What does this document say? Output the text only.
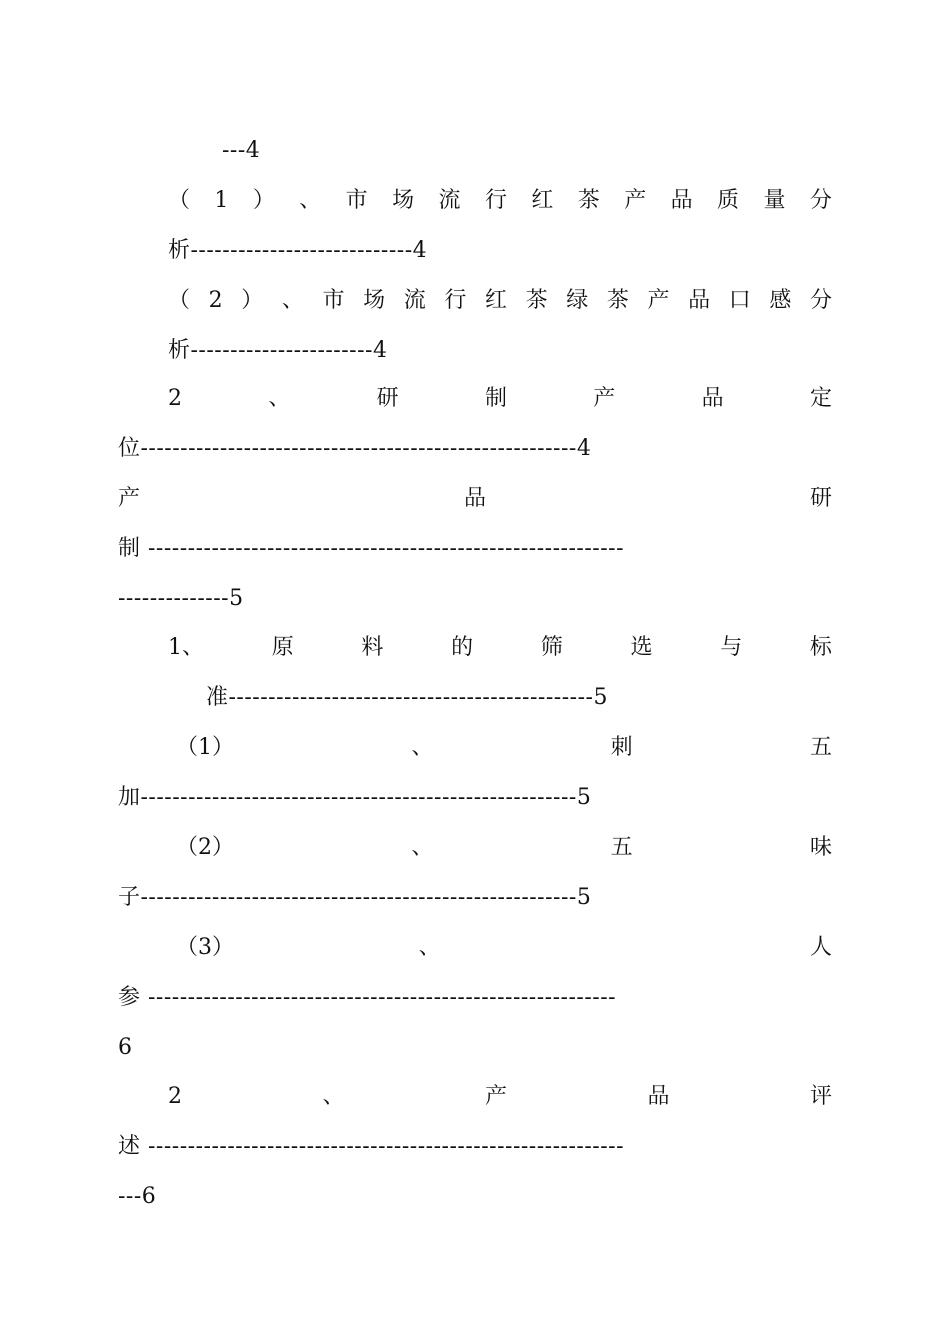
---4
（ 1 ） 、 市 场 流 行 红 茶 产 品 质 量 分
析----------------------------4
（ 2 ） 、 市 场 流 行 红 茶 绿 茶 产 品 口 感 分
析-----------------------4
2	、	研	制	产	品	定
位-------------------------------------------------------4
产	品	研
制 ------------------------------------------------------------
--------------5
1、	原	料	的	筛	选	与	标
准----------------------------------------------5
（1）	、	刺	五
加-------------------------------------------------------5
（2）	、	五	味
子-------------------------------------------------------5
（3）	、	人
参 -----------------------------------------------------------
6
2	、	产	品	评
述 ------------------------------------------------------------
---6
